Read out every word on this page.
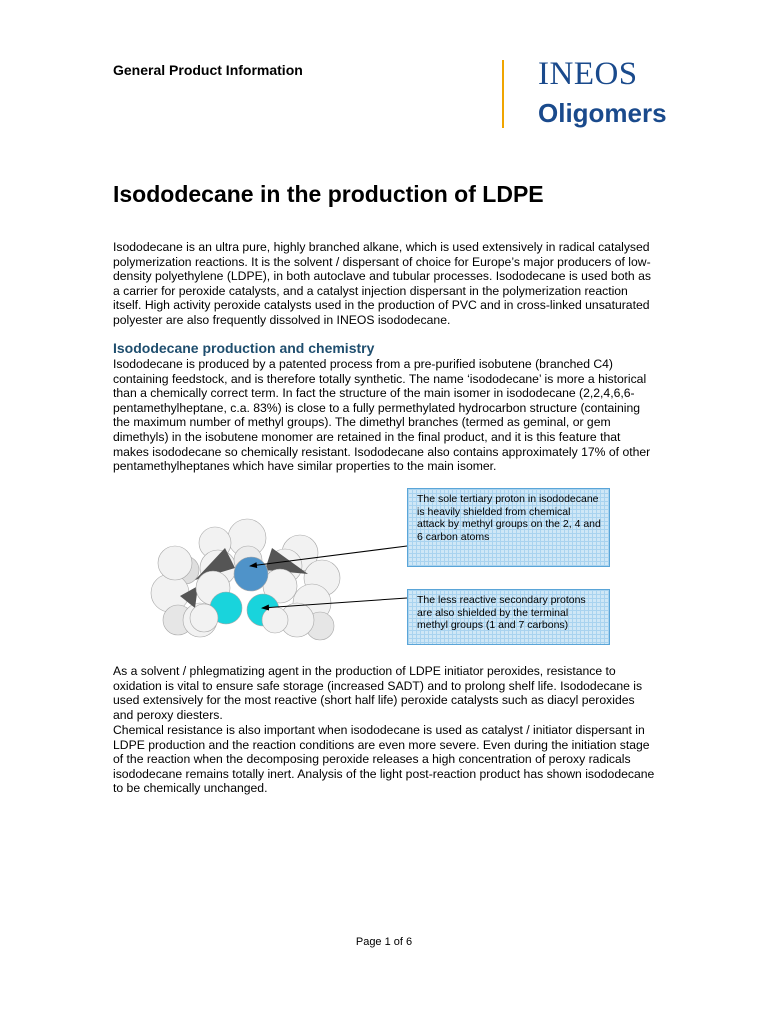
General Product Information	INEOS
Oligomers
Isododecane in the production of LDPE

Isododecane is an ultra pure, highly branched alkane, which is used extensively in radical catalysed polymerization reactions. It is the solvent / dispersant of choice for Europe’s major producers of low-density polyethylene (LDPE), in both autoclave and tubular processes. Isododecane is used both as a carrier for peroxide catalysts, and a catalyst injection dispersant in the polymerization reaction itself. High activity peroxide catalysts used in the production of PVC and in cross-linked unsaturated polyester are also frequently dissolved in INEOS isododecane.

Isododecane production and chemistry

Isododecane is produced by a patented process from a pre-purified isobutene (branched C4) containing feedstock, and is therefore totally synthetic. The name ‘isododecane’ is more a historical than a chemically correct term. In fact the structure of the main isomer in isododecane (2,2,4,6,6-pentamethylheptane, c.a. 83%) is close to a fully permethylated hydrocarbon structure (containing the maximum number of methyl groups). The dimethyl branches (termed as geminal, or gem dimethyls) in the isobutene monomer are retained in the final product, and it is this feature that makes isododecane so chemically resistant. Isododecane also contains approximately 17% of other pentamethylheptanes which have similar properties to the main isomer.

The sole tertiary proton in isododecane is heavily shielded from chemical attack by methyl groups on the 2, 4 and 6 carbon atoms
The less reactive secondary protons are also shielded by the terminal methyl groups (1 and 7 carbons)

As a solvent / phlegmatizing agent in the production of LDPE initiator peroxides, resistance to oxidation is vital to ensure safe storage (increased SADT) and to prolong shelf life. Isododecane is used extensively for the most reactive (short half life) peroxide catalysts such as diacyl peroxides and peroxy diesters.

Chemical resistance is also important when isododecane is used as catalyst / initiator dispersant in LDPE production and the reaction conditions are even more severe. Even during the initiation stage of the reaction when the decomposing peroxide releases a high concentration of peroxy radicals isododecane remains totally inert. Analysis of the light post-reaction product has shown isododecane to be chemically unchanged.

Page 1 of 6
